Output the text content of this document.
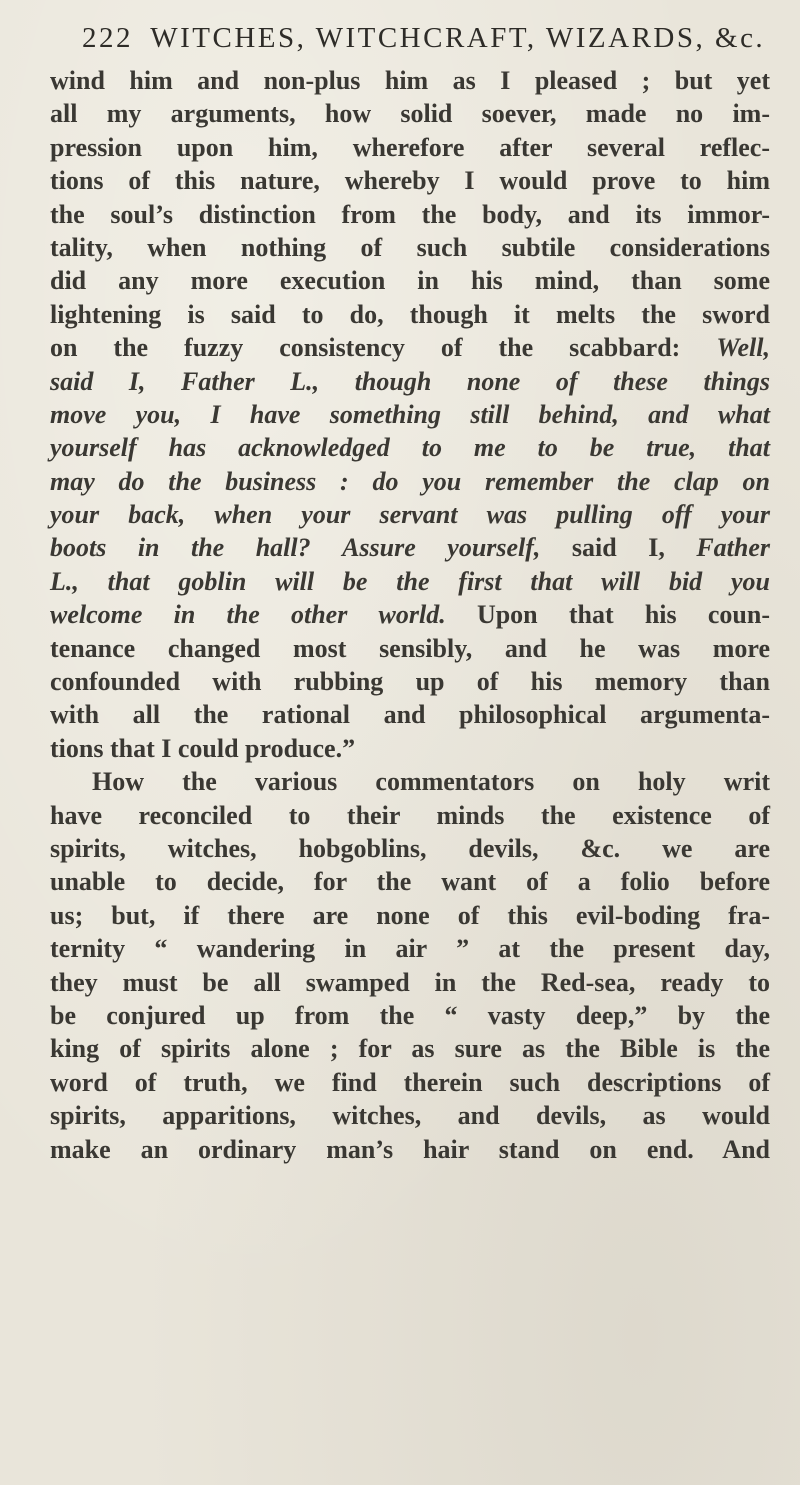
222 WITCHES, WITCHCRAFT, WIZARDS, &c.
wind him and non-plus him as I pleased ; but yet
all my arguments, how solid soever, made no im-
pression upon him, wherefore after several reflec-
tions of this nature, whereby I would prove to him
the soul’s distinction from the body, and its immor-
tality, when nothing of such subtile considerations
did any more execution in his mind, than some
lightening is said to do, though it melts the sword
on the fuzzy consistency of the scabbard: Well,
said I, Father L., though none of these things
move you, I have something still behind, and what
yourself has acknowledged to me to be true, that
may do the business : do you remember the clap on
your back, when your servant was pulling off your
boots in the hall? Assure yourself, said I, Father
L., that goblin will be the first that will bid you
welcome in the other world. Upon that his coun-
tenance changed most sensibly, and he was more
confounded with rubbing up of his memory than
with all the rational and philosophical argumenta-
tions that I could produce.”
How the various commentators on holy writ
have reconciled to their minds the existence of
spirits, witches, hobgoblins, devils, &c. we are
unable to decide, for the want of a folio before
us; but, if there are none of this evil-boding fra-
ternity “ wandering in air ” at the present day,
they must be all swamped in the Red-sea, ready to
be conjured up from the “ vasty deep,” by the
king of spirits alone ; for as sure as the Bible is the
word of truth, we find therein such descriptions of
spirits, apparitions, witches, and devils, as would
make an ordinary man’s hair stand on end. And
